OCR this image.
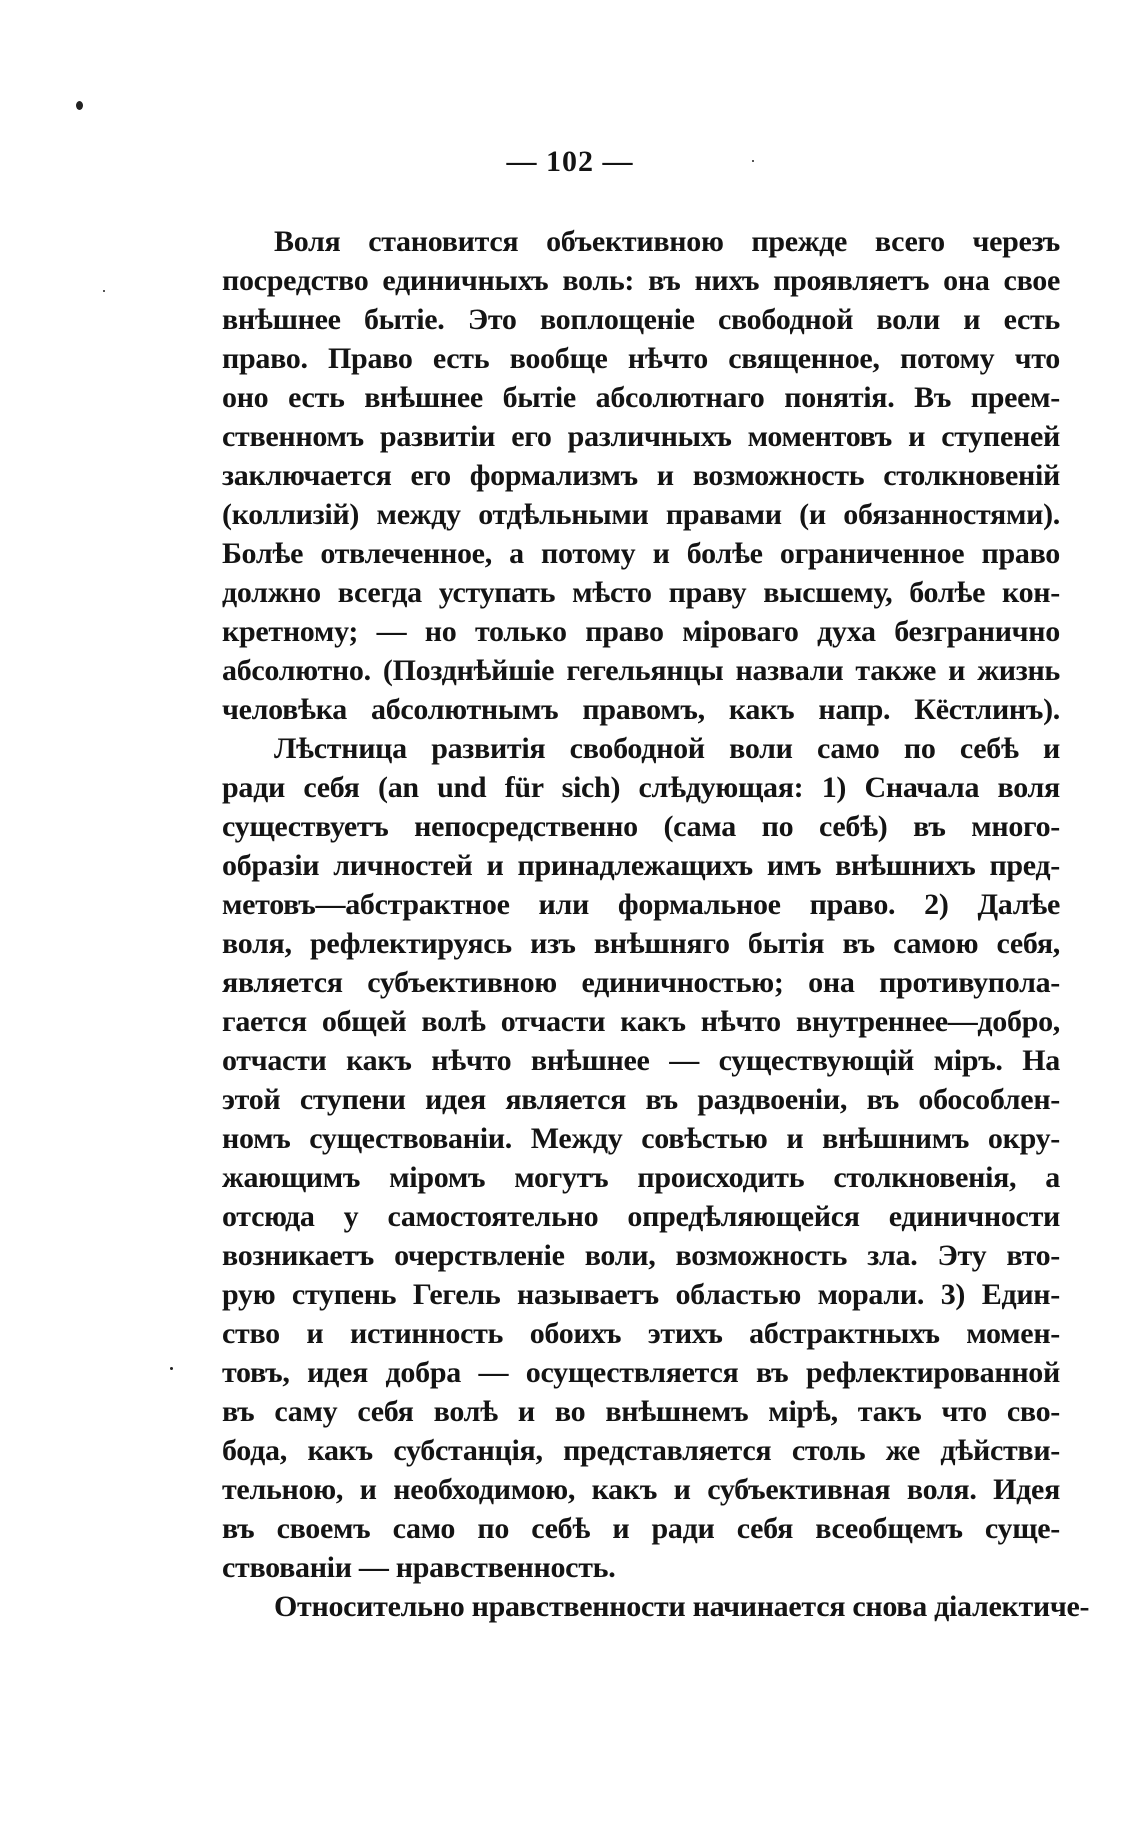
— 102 —
Воля становится объективною прежде всего черезъ
посредство единичныхъ воль: въ нихъ проявляетъ она свое
внѣшнее бытіе. Это воплощеніе свободной воли и есть
право. Право есть вообще нѣчто священное, потому что
оно есть внѣшнее бытіе абсолютнаго понятія. Въ преем-
ственномъ развитіи его различныхъ моментовъ и ступеней
заключается его формализмъ и возможность столкновеній
(коллизій) между отдѣльными правами (и обязанностями).
Болѣе отвлеченное, а потому и болѣе ограниченное право
должно всегда уступать мѣсто праву высшему, болѣе кон-
кретному; — но только право міроваго духа безгранично
абсолютно. (Позднѣйшіе гегельянцы назвали также и жизнь
человѣка абсолютнымъ правомъ, какъ напр. Кёстлинъ).
Лѣстница развитія свободной воли само по себѣ и
ради себя (an und für sich) слѣдующая: 1) Сначала воля
существуетъ непосредственно (сама по себѣ) въ много-
образіи личностей и принадлежащихъ имъ внѣшнихъ пред-
метовъ—абстрактное или формальное право. 2) Далѣе
воля, рефлектируясь изъ внѣшняго бытія въ самою себя,
является субъективною единичностью; она противупола-
гается общей волѣ отчасти какъ нѣчто внутреннее—добро,
отчасти какъ нѣчто внѣшнее — существующій міръ. На
этой ступени идея является въ раздвоеніи, въ обособлен-
номъ существованіи. Между совѣстью и внѣшнимъ окру-
жающимъ міромъ могутъ происходить столкновенія, а
отсюда у самостоятельно опредѣляющейся единичности
возникаетъ очерствленіе воли, возможность зла. Эту вто-
рую ступень Гегель называетъ областью морали. 3) Един-
ство и истинность обоихъ этихъ абстрактныхъ момен-
товъ, идея добра — осуществляется въ рефлектированной
въ саму себя волѣ и во внѣшнемъ мірѣ, такъ что сво-
бода, какъ субстанція, представляется столь же дѣйстви-
тельною, и необходимою, какъ и субъективная воля. Идея
въ своемъ само по себѣ и ради себя всеобщемъ суще-
ствованіи — нравственность.
Относительно нравственности начинается снова діалектиче-
